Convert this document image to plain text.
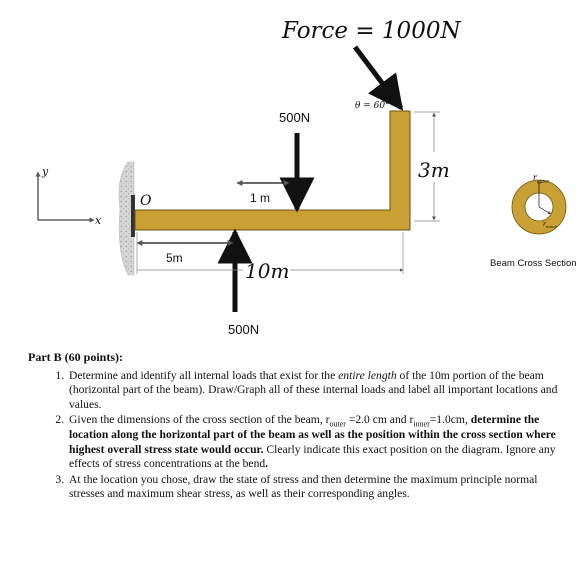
Force = 1000N
θ = 60°
y
x
O
500N
1 m
500N
5m
10m
3m	$r_{outer}$
$r_{inner}$
Beam Cross Section
Part B (60 points):
1. Determine and identify all internal loads that exist for the entire length of the 10m portion of the beam (horizontal part of the beam). Draw/Graph all of these internal loads and label all important locations and values.
2. Given the dimensions of the cross section of the beam, $r_{outer} =2.0$ cm and $r_{inner}=1.0cm$, determine the location along the horizontal part of the beam as well as the position within the cross section where highest overall stress state would occur. Clearly indicate this exact position on the diagram. Ignore any effects of stress concentrations at the bend.
3. At the location you chose, draw the state of stress and then determine the maximum principle normal stresses and maximum shear stress, as well as their corresponding angles.
